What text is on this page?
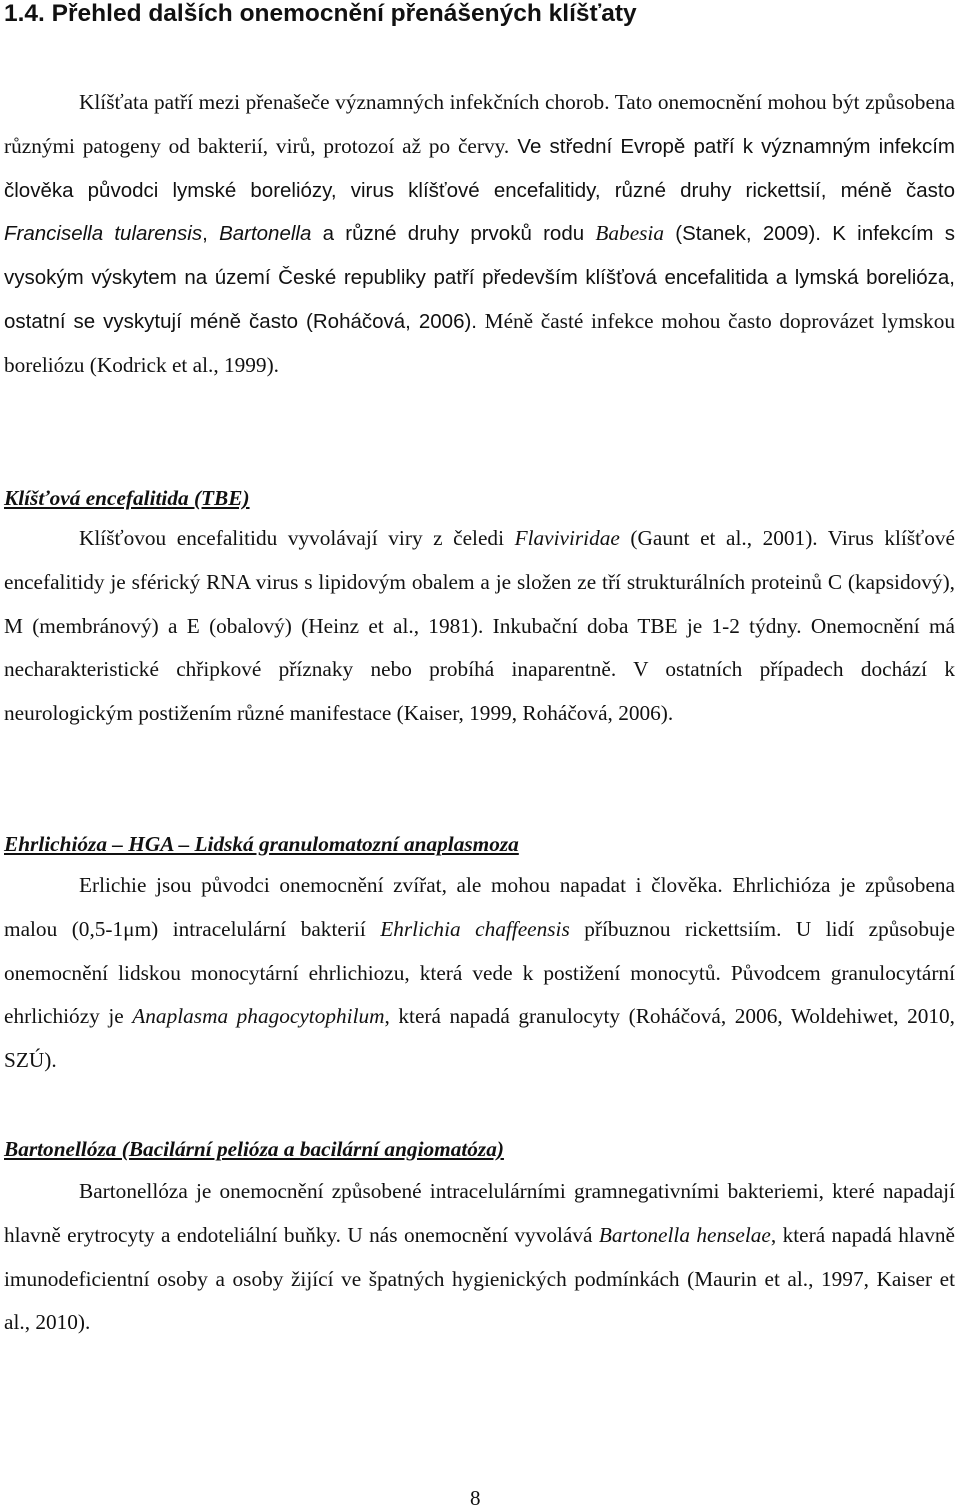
1.4. Přehled dalších onemocnění přenášených klíšťaty

Klíšťata patří mezi přenašeče významných infekčních chorob. Tato onemocnění mohou být způsobena různými patogeny od bakterií, virů, protozoí až po červy. Ve střední Evropě patří k významným infekcím člověka původci lymské boreliózy, virus klíšťové encefalitidy, různé druhy rickettsií, méně často Francisella tularensis, Bartonella a různé druhy prvoků rodu Babesia (Stanek, 2009). K infekcím s vysokým výskytem na území České republiky patří především klíšťová encefalitida a lymská borelióza, ostatní se vyskytují méně často (Roháčová, 2006). Méně časté infekce mohou často doprovázet lymskou boreliózu (Kodrick et al., 1999).

Klíšťová encefalitida (TBE)

Klíšťovou encefalitidu vyvolávají viry z čeledi Flaviviridae (Gaunt et al., 2001). Virus klíšťové encefalitidy je sférický RNA virus s lipidovým obalem a je složen ze tří strukturálních proteinů C (kapsidový), M (membránový) a E (obalový) (Heinz et al., 1981). Inkubační doba TBE je 1-2 týdny. Onemocnění má necharakteristické chřipkové příznaky nebo probíhá inaparentně. V ostatních případech dochází k neurologickým postižením různé manifestace (Kaiser, 1999, Roháčová, 2006).

Ehrlichióza – HGA – Lidská granulomatozní anaplasmoza

Erlichie jsou původci onemocnění zvířat, ale mohou napadat i člověka. Ehrlichióza je způsobena malou (0,5-1μm) intracelulární bakterií Ehrlichia chaffeensis příbuznou rickettsiím. U lidí způsobuje onemocnění lidskou monocytární ehrlichiozu, která vede k postižení monocytů. Původcem granulocytární ehrlichiózy je Anaplasma phagocytophilum, která napadá granulocyty (Roháčová, 2006, Woldehiwet, 2010, SZÚ).

Bartonellóza (Bacilární pelióza a bacilární angiomatóza)

Bartonellóza je onemocnění způsobené intracelulárními gramnegativními bakteriemi, které napadají hlavně erytrocyty a endoteliální buňky. U nás onemocnění vyvolává Bartonella henselae, která napadá hlavně imunodeficientní osoby a osoby žijící ve špatných hygienických podmínkách (Maurin et al., 1997, Kaiser et al., 2010).

8
